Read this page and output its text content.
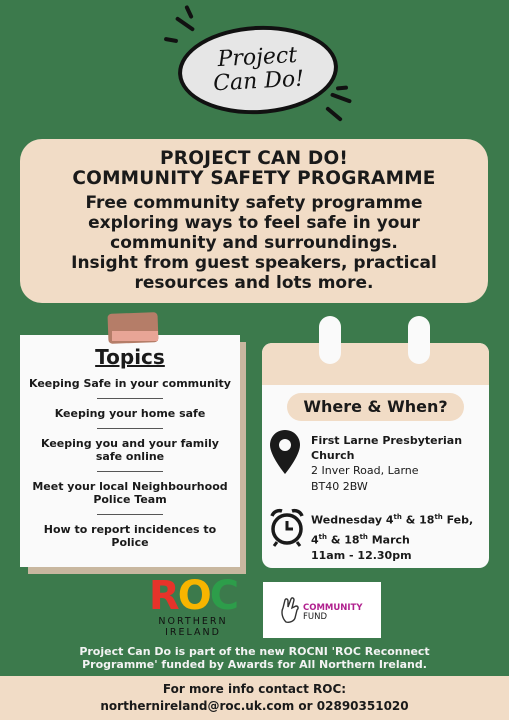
Project
Can Do!
PROJECT CAN DO!
COMMUNITY SAFETY PROGRAMME
Free community safety programme
exploring ways to feel safe in your
community and surroundings.
Insight from guest speakers, practical
resources and lots more.
Topics
Keeping Safe in your community
Keeping your home safe
Keeping you and your family safe online
Meet your local Neighbourhood Police Team
How to report incidences to Police
Where & When?
First Larne Presbyterian
Church
2 Inver Road, Larne
BT40 2BW
Wednesday 4th & 18th Feb,
4th & 18th March
11am - 12.30pm
ROC
NORTHERN
IRELAND
COMMUNITY
FUND
Project Can Do is part of the new ROCNI 'ROC Reconnect
Programme' funded by Awards for All Northern Ireland.
For more info contact ROC:
northernireland@roc.uk.com or 02890351020
